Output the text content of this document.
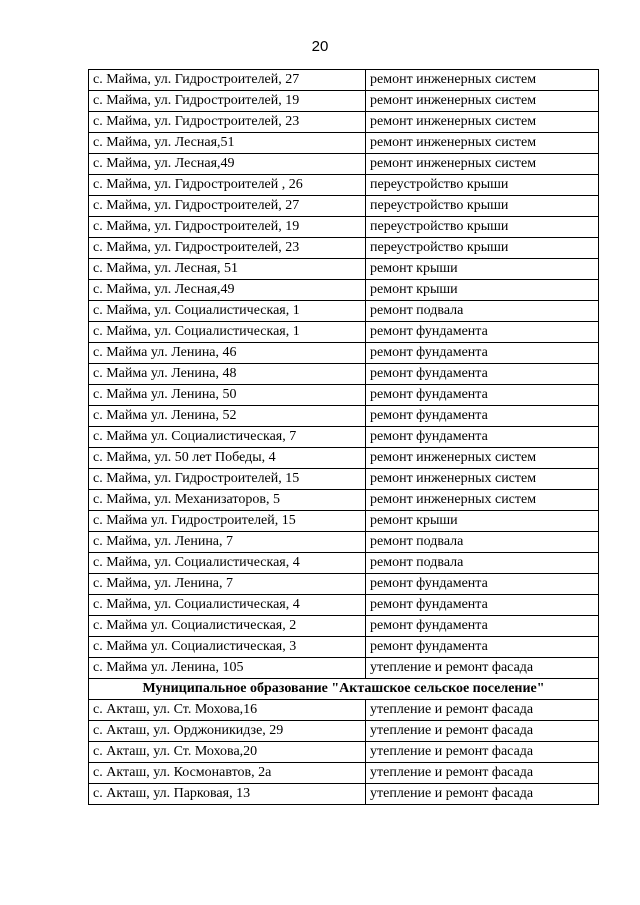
20
с. Майма, ул. Гидростроителей, 27	ремонт инженерных систем
с. Майма, ул. Гидростроителей, 19	ремонт инженерных систем
с. Майма, ул. Гидростроителей, 23	ремонт инженерных систем
с. Майма, ул. Лесная,51	ремонт инженерных систем
с. Майма, ул. Лесная,49	ремонт инженерных систем
с. Майма, ул. Гидростроителей , 26	переустройство крыши
с. Майма, ул. Гидростроителей, 27	переустройство крыши
с. Майма, ул. Гидростроителей, 19	переустройство крыши
с. Майма, ул. Гидростроителей, 23	переустройство крыши
с. Майма, ул. Лесная, 51	ремонт крыши
с. Майма, ул. Лесная,49	ремонт крыши
с. Майма, ул. Социалистическая, 1	ремонт подвала
с. Майма, ул. Социалистическая, 1	ремонт фундамента
с. Майма ул. Ленина, 46	ремонт фундамента
с. Майма ул. Ленина, 48	ремонт фундамента
с. Майма ул. Ленина, 50	ремонт фундамента
с. Майма ул. Ленина, 52	ремонт фундамента
с. Майма ул. Социалистическая, 7	ремонт фундамента
с. Майма, ул. 50 лет Победы, 4	ремонт инженерных систем
с. Майма, ул. Гидростроителей, 15	ремонт инженерных систем
с. Майма, ул. Механизаторов, 5	ремонт инженерных систем
с. Майма ул. Гидростроителей, 15	ремонт крыши
с. Майма, ул. Ленина, 7	ремонт подвала
с. Майма, ул. Социалистическая, 4	ремонт подвала
с. Майма, ул. Ленина, 7	ремонт фундамента
с. Майма, ул. Социалистическая, 4	ремонт фундамента
с. Майма ул. Социалистическая, 2	ремонт фундамента
с. Майма ул. Социалистическая, 3	ремонт фундамента
с. Майма ул. Ленина, 105	утепление и ремонт фасада
Муниципальное образование "Акташское сельское поселение"	
с. Акташ, ул. Ст. Мохова,16	утепление и ремонт фасада
с. Акташ, ул. Орджоникидзе, 29	утепление и ремонт фасада
с. Акташ, ул. Ст. Мохова,20	утепление и ремонт фасада
с. Акташ, ул. Космонавтов, 2а	утепление и ремонт фасада
с. Акташ, ул. Парковая, 13	утепление и ремонт фасада
